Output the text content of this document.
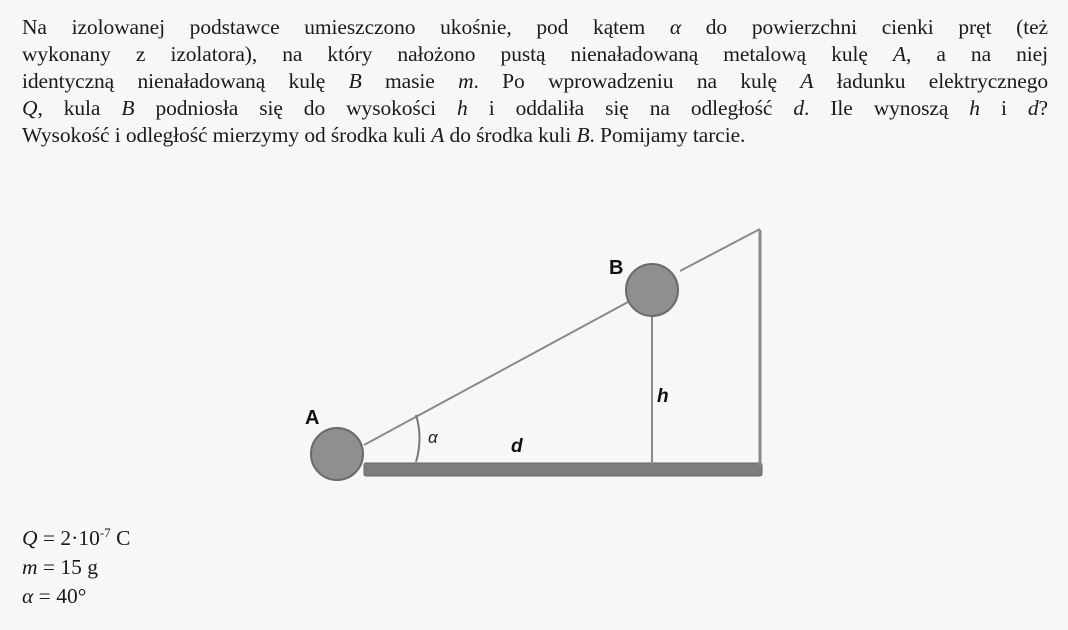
Na izolowanej podstawce umieszczono ukośnie, pod kątem α do powierzchni cienki pręt (też
wykonany z izolatora), na który nałożono pustą nienaładowaną metalową kulę A, a na niej
identyczną nienaładowaną kulę B masie m. Po wprowadzeniu na kulę A ładunku elektrycznego
Q, kula B podniosła się do wysokości h i oddaliła się na odległość d. Ile wynoszą h i d?
Wysokość i odległość mierzymy od środka kuli A do środka kuli B. Pomijamy tarcie.
A
B
α	d
h
$Q = 2\cdot 10^{-7}$ C
m = 15 g
α = 40°
